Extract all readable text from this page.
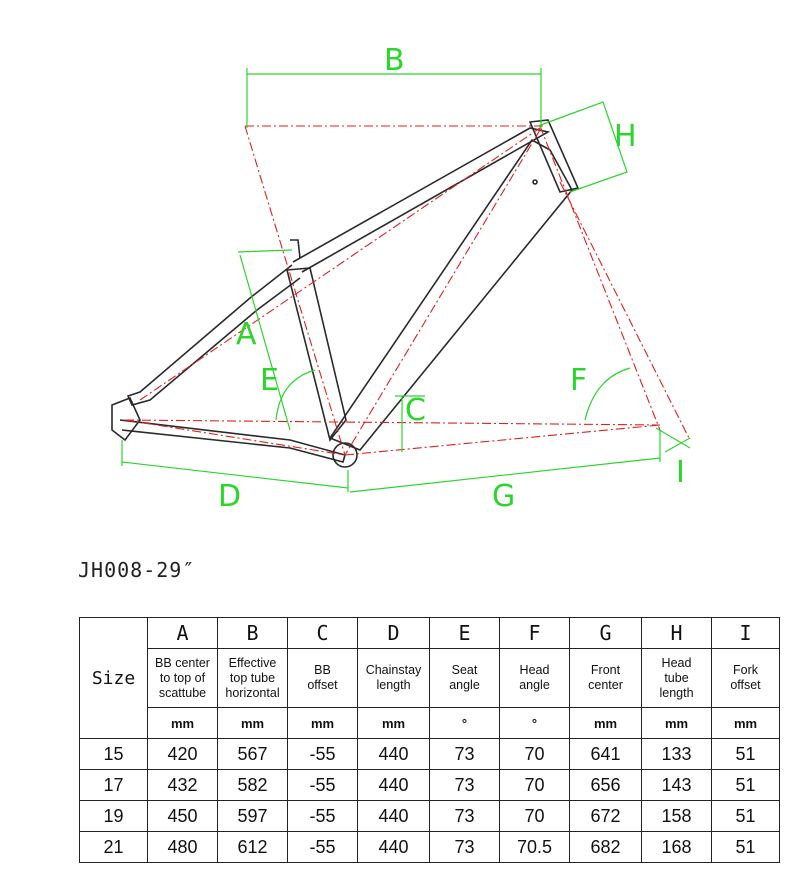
B
H
A
E	F
C
D	G
I
JH008-29″
Size	A	B	C	D	E	F	G	H	I
	BB center
to top of
scattube	Effective
top tube
horizontal	BB
offset	Chainstay
length	Seat
angle	Head
angle	Front
center	Head
tube
length	Fork
offset
	mm	mm	mm	mm	°	°	mm	mm	mm
15	420	567	-55	440	73	70	641	133	51
17	432	582	-55	440	73	70	656	143	51
19	450	597	-55	440	73	70	672	158	51
21	480	612	-55	440	73	70.5	682	168	51
